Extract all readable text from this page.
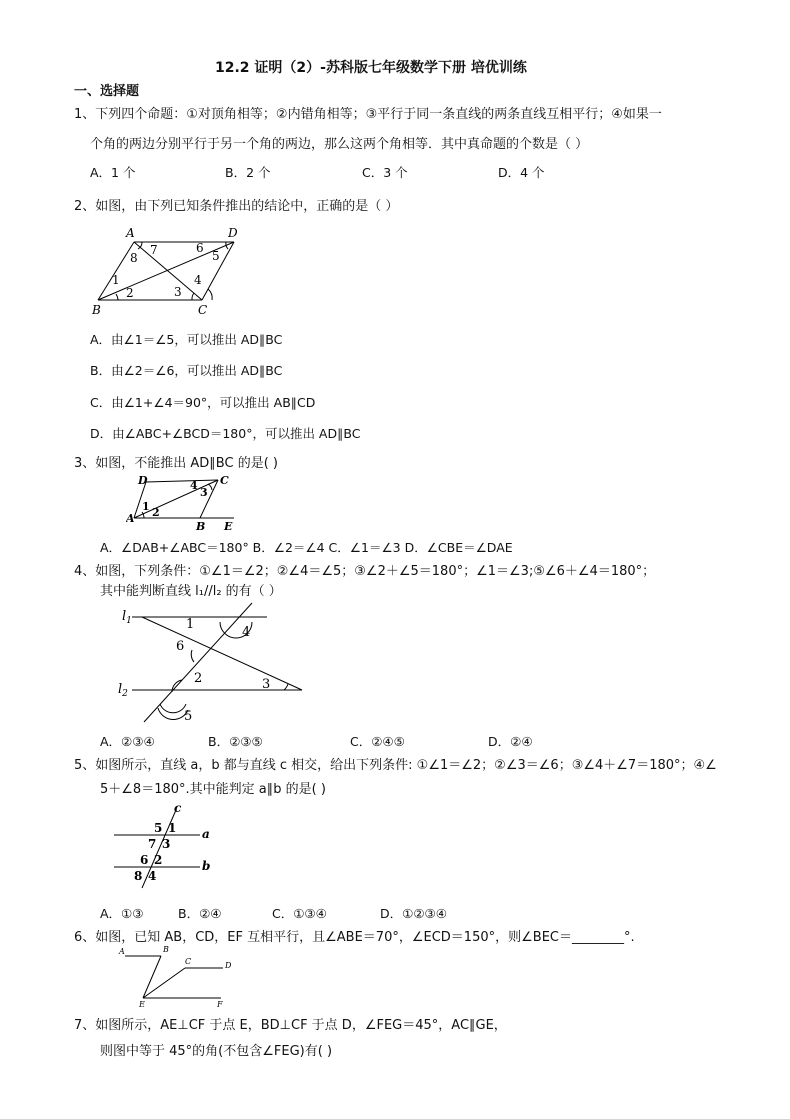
12.2 证明（2）-苏科版七年级数学下册 培优训练
一、选择题
1、下列四个命题：①对顶角相等；②内错角相等；③平行于同一条直线的两条直线互相平行；④如果一
个角的两边分别平行于另一个角的两边，那么这两个角相等．其中真命题的个数是（ ）
A．1 个	B．2 个	C．3 个	D．4 个
2、如图，由下列已知条件推出的结论中，正确的是（ ）
A	D
B	C
1
2	3
4
5
6
7
8
A．由∠1＝∠5，可以推出 AD∥BC
B．由∠2＝∠6，可以推出 AD∥BC
C．由∠1+∠4＝90°，可以推出 AB∥CD
D．由∠ABC+∠BCD＝180°，可以推出 AD∥BC
3、如图，不能推出 AD∥BC 的是( )
D	C
A
B E
1 2
3
4
A．∠DAB+∠ABC＝180° B．∠2＝∠4 C．∠1＝∠3 D．∠CBE＝∠DAE
4、如图，下列条件：①∠1＝∠2；②∠4＝∠5；③∠2＋∠5＝180°；∠1＝∠3;⑤∠6＋∠4＝180°；
其中能判断直线 l₁//l₂ 的有（ ）
$l_1$
$l_2$
1
2	3
4
5
6
A．②③④	B．②③⑤	C．②④⑤	D．②④
5、如图所示，直线 a，b 都与直线 c 相交，给出下列条件: ①∠1＝∠2；②∠3＝∠6；③∠4＋∠7＝180°；④∠
5＋∠8＝180°.其中能判定 a∥b 的是( )
c
a
b
5 1
7 3
6 2
8 4
A．①③	B．②④	C．①③④	D．①②③④
6、如图，已知 AB，CD，EF 互相平行，且∠ABE＝70°，∠ECD＝150°，则∠BEC＝________°.
A	B
C	D
E	F
7、如图所示，AE⊥CF 于点 E，BD⊥CF 于点 D，∠FEG＝45°，AC∥GE，
则图中等于 45°的角(不包含∠FEG)有( )
